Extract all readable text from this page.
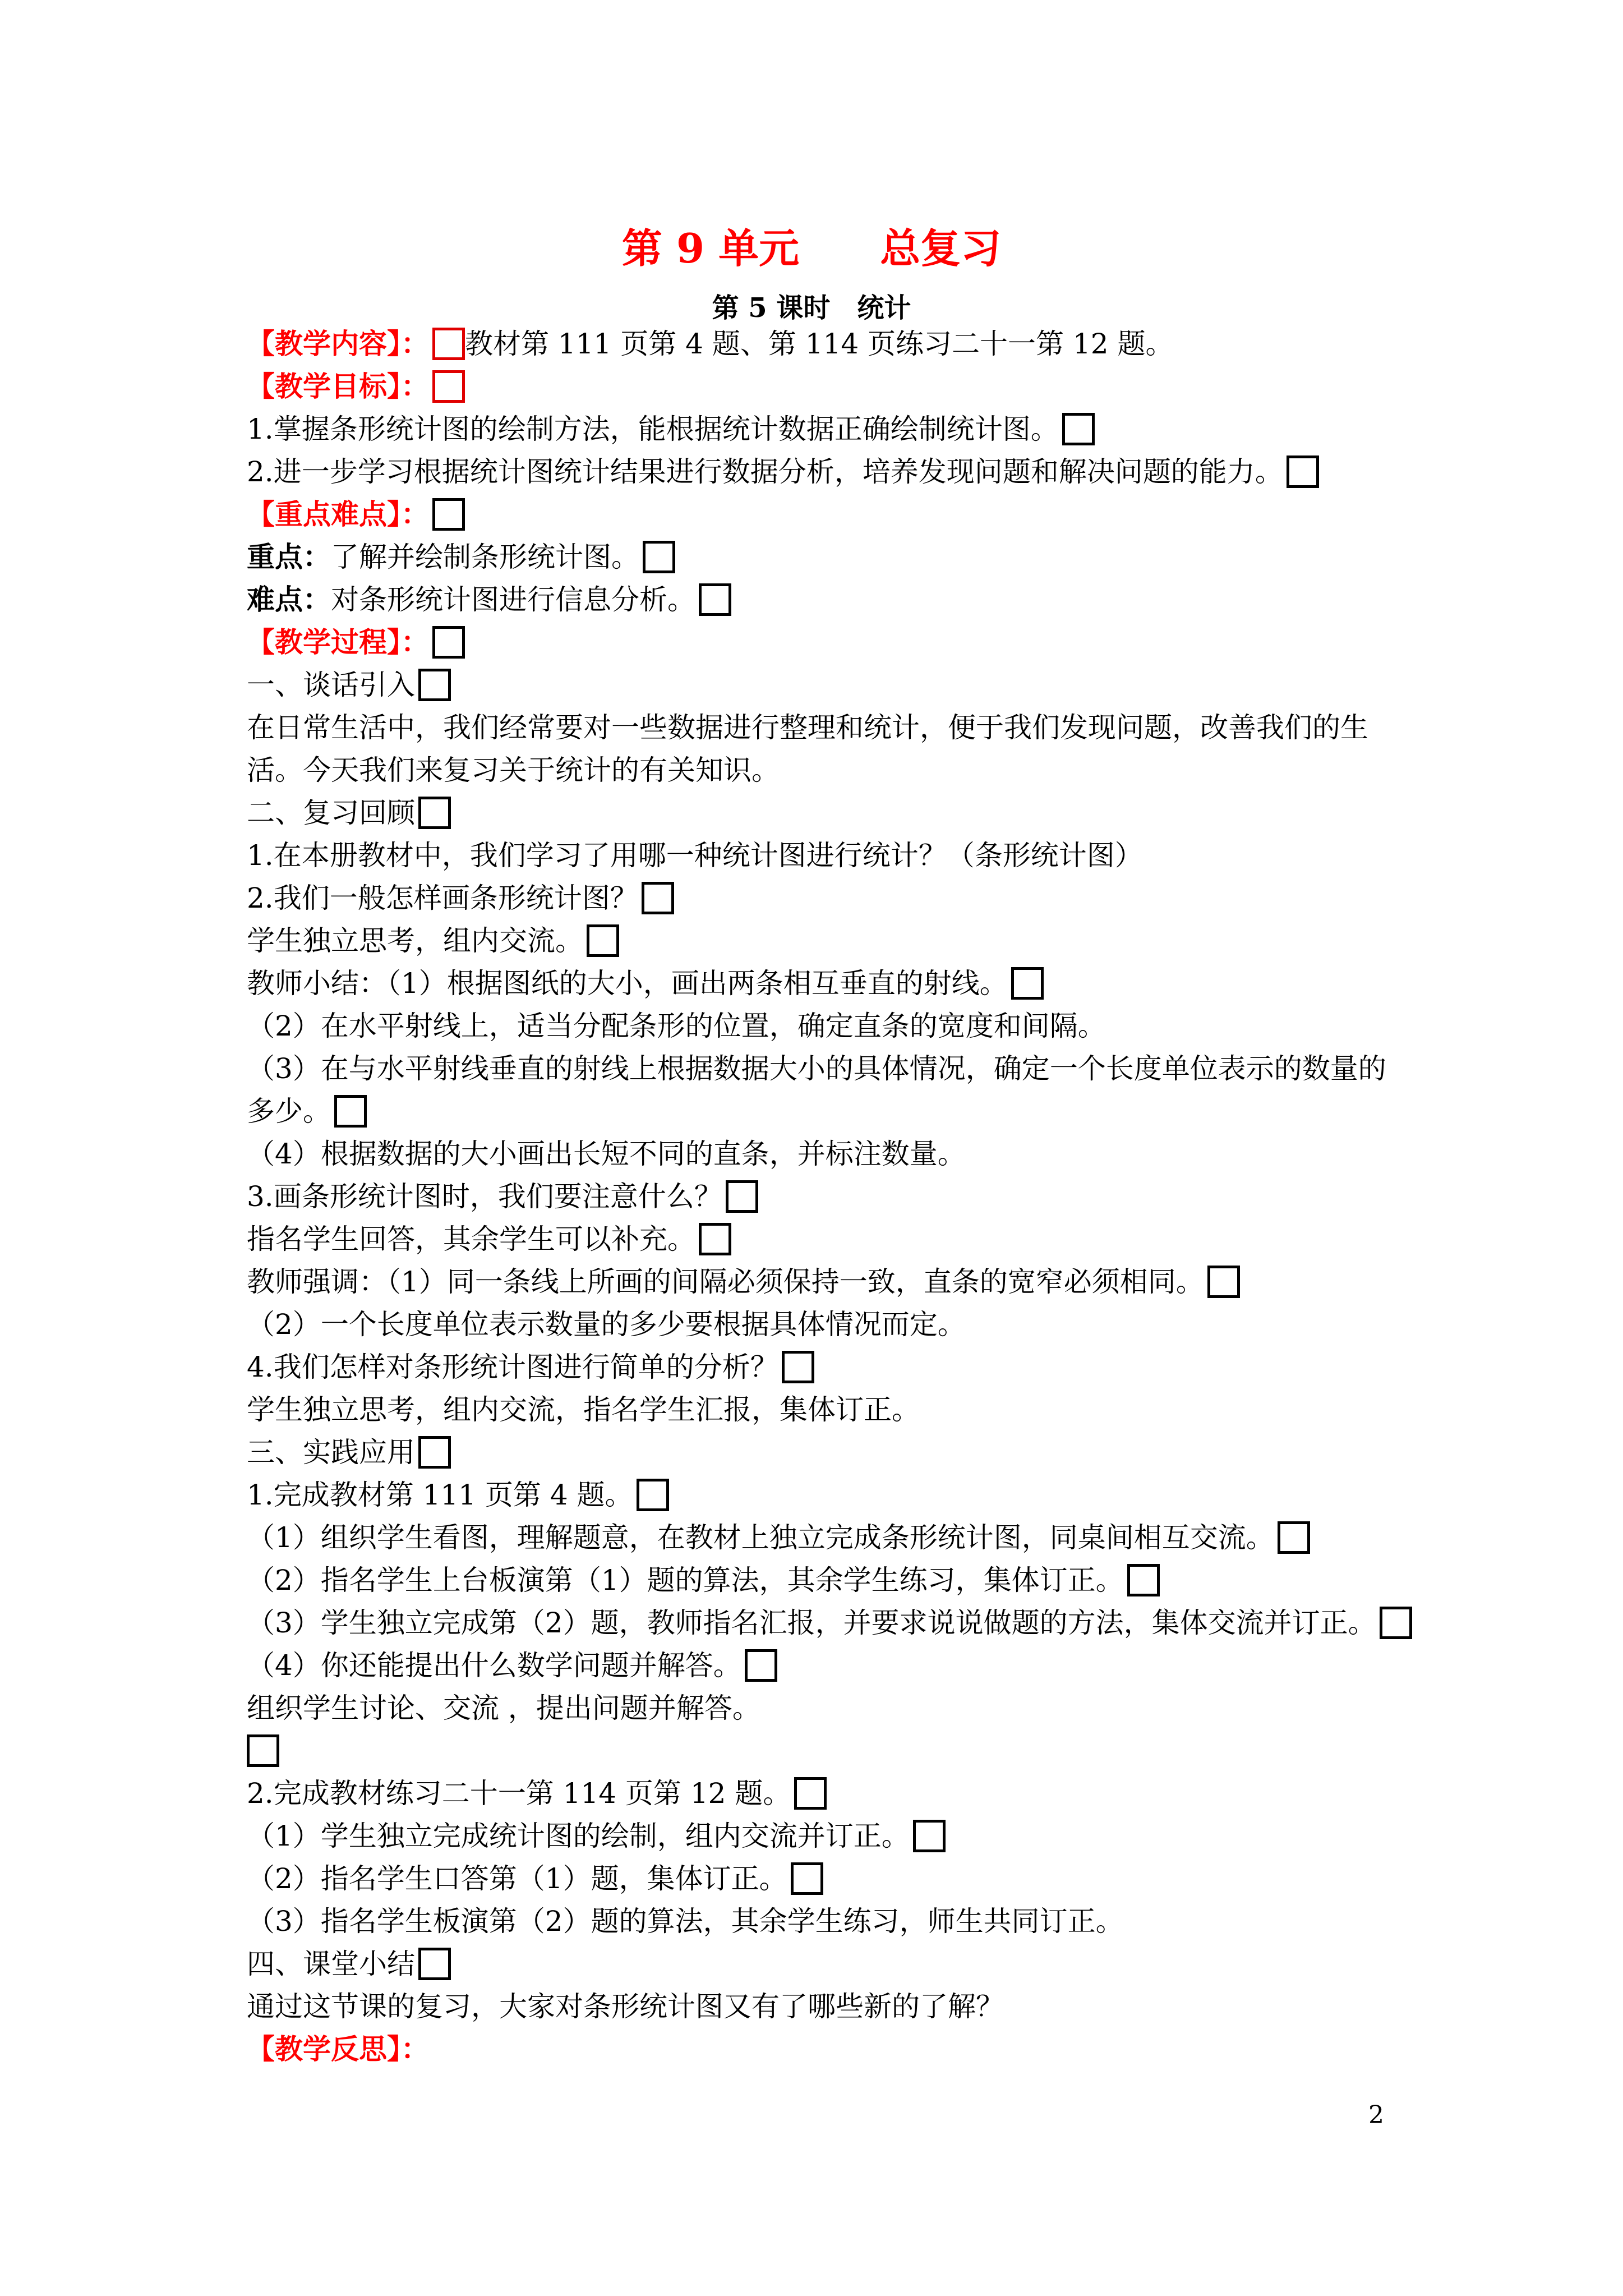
第 9 单元　　总复习
第 5 课时　统计
【教学内容】： 教材第 111 页第 4 题、第 114 页练习二十一第 12 题。
【教学目标】：
1.掌握条形统计图的绘制方法，能根据统计数据正确绘制统计图。
2.进一步学习根据统计图统计结果进行数据分析，培养发现问题和解决问题的能力。
【重点难点】：
重点：了解并绘制条形统计图。
难点：对条形统计图进行信息分析。
【教学过程】：
一、谈话引入
在日常生活中，我们经常要对一些数据进行整理和统计，便于我们发现问题，改善我们的生活。今天我们来复习关于统计的有关知识。
二、复习回顾
1.在本册教材中，我们学习了用哪一种统计图进行统计？（条形统计图）
2.我们一般怎样画条形统计图？
学生独立思考，组内交流。
教师小结：（1）根据图纸的大小，画出两条相互垂直的射线。
（2）在水平射线上，适当分配条形的位置，确定直条的宽度和间隔。
（3）在与水平射线垂直的射线上根据数据大小的具体情况，确定一个长度单位表示的数量的多少。
（4）根据数据的大小画出长短不同的直条，并标注数量。
3.画条形统计图时，我们要注意什么？
指名学生回答，其余学生可以补充。
教师强调：（1）同一条线上所画的间隔必须保持一致，直条的宽窄必须相同。
（2）一个长度单位表示数量的多少要根据具体情况而定。
4.我们怎样对条形统计图进行简单的分析？
学生独立思考，组内交流，指名学生汇报，集体订正。
三、实践应用
1.完成教材第 111 页第 4 题。
（1）组织学生看图，理解题意，在教材上独立完成条形统计图，同桌间相互交流。
（2）指名学生上台板演第（1）题的算法，其余学生练习，集体订正。
（3）学生独立完成第（2）题，教师指名汇报，并要求说说做题的方法，集体交流并订正。
（4）你还能提出什么数学问题并解答。
组织学生讨论、交流 ，提出问题并解答。
2.完成教材练习二十一第 114 页第 12 题。
（1）学生独立完成统计图的绘制，组内交流并订正。
（2）指名学生口答第（1）题，集体订正。
（3）指名学生板演第（2）题的算法，其余学生练习，师生共同订正。
四、课堂小结
通过这节课的复习，大家对条形统计图又有了哪些新的了解？
【教学反思】：
2
